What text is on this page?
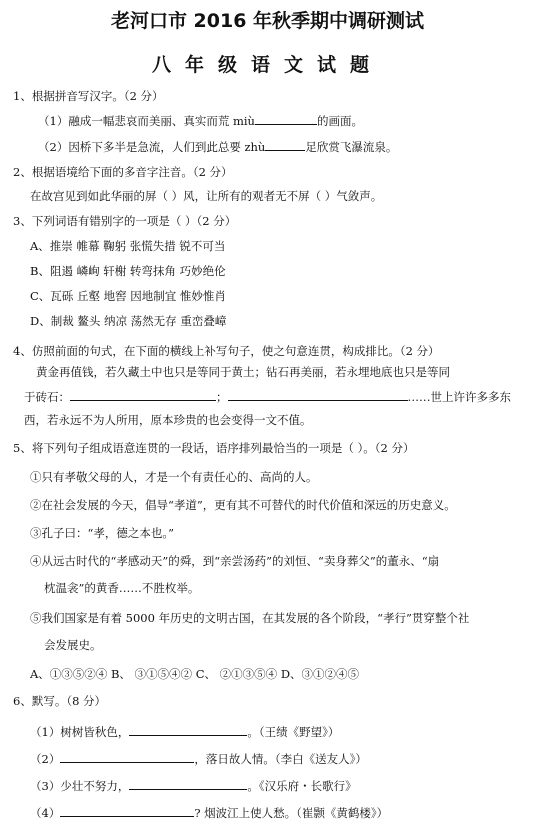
老河口市 2016 年秋季期中调研测试
八年级语文试题
1、根据拼音写汉字。（2 分）
（1）融成一幅悲哀而美丽、真实而荒 miù	的画面。
（2）因桥下多半是急流，人们到此总要 zhù	足欣赏飞瀑流泉。
2、根据语境给下面的多音字注音。（2 分）
在故宫见到如此华丽的屏（ ）风，让所有的观者无不屏（ ）气敛声。
3、下列词语有错别字的一项是（ ）（2 分）
A、推崇 帷幕 鞠躬 张慌失措 锐不可当
B、阻遏 嶙峋 轩榭 转弯抹角 巧妙绝伦
C、瓦砾 丘壑 地窖 因地制宜 惟妙惟肖
D、制裁 鳌头 纳凉 荡然无存 重峦叠嶂
4、仿照前面的句式，在下面的横线上补写句子，使之句意连贯，构成排比。（2 分）
黄金再值钱，若久藏土中也只是等同于黄土；钻石再美丽，若永埋地底也只是等同
于砖石：	；	……世上许许多多东
西，若永远不为人所用，原本珍贵的也会变得一文不值。
5、将下列句子组成语意连贯的一段话，语序排列最恰当的一项是（ ）。（2 分）
①只有孝敬父母的人，才是一个有责任心的、高尚的人。
②在社会发展的今天，倡导“孝道”，更有其不可替代的时代价值和深远的历史意义。
③孔子曰：“孝，德之本也。”
④从远古时代的“孝感动天”的舜，到“亲尝汤药”的刘恒、“卖身葬父”的董永、“扇
枕温衾”的黄香……不胜枚举。
⑤我们国家是有着 5000 年历史的文明古国，在其发展的各个阶段，“孝行”贯穿整个社
会发展史。
A、①③⑤②④ B、 ③①⑤④② C、 ②①③⑤④ D、③①②④⑤
6、默写。（8 分）
（1）树树皆秋色，	。（王绩《野望》）
（2）	，落日故人情。（李白《送友人》）
（3）少壮不努力，	。《汉乐府・长歌行》
（4）	? 烟波江上使人愁。（崔颢《黄鹤楼》）
